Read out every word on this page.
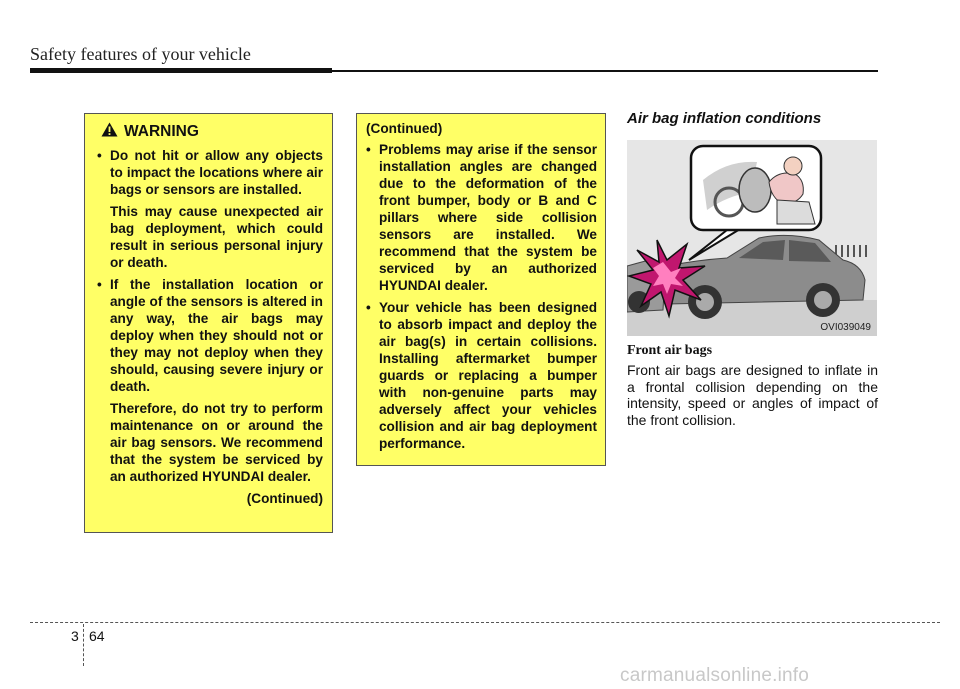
Safety features of your vehicle
WARNING

• Do not hit or allow any objects to impact the locations where air bags or sensors are installed.

This may cause unexpected air bag deployment, which could result in serious personal injury or death.

• If the installation location or angle of the sensors is altered in any way, the air bags may deploy when they should not or they may not deploy when they should, causing severe injury or death.

Therefore, do not try to perform maintenance on or around the air bag sensors. We recommend that the system be serviced by an authorized HYUNDAI dealer.

(Continued)

(Continued)

• Problems may arise if the sensor installation angles are changed due to the deformation of the front bumper, body or B and C pillars where side collision sensors are installed. We recommend that the system be serviced by an authorized HYUNDAI dealer.
• Your vehicle has been designed to absorb impact and deploy the air bag(s) in certain collisions. Installing aftermarket bumper guards or replacing a bumper with non-genuine parts may adversely affect your vehicles collision and air bag deployment performance.
Air bag inflation conditions
OVI039049
Front air bags
Front air bags are designed to inflate in a frontal collision depending on the intensity, speed or angles of impact of the front collision.
3 64
carmanualsonline.info
